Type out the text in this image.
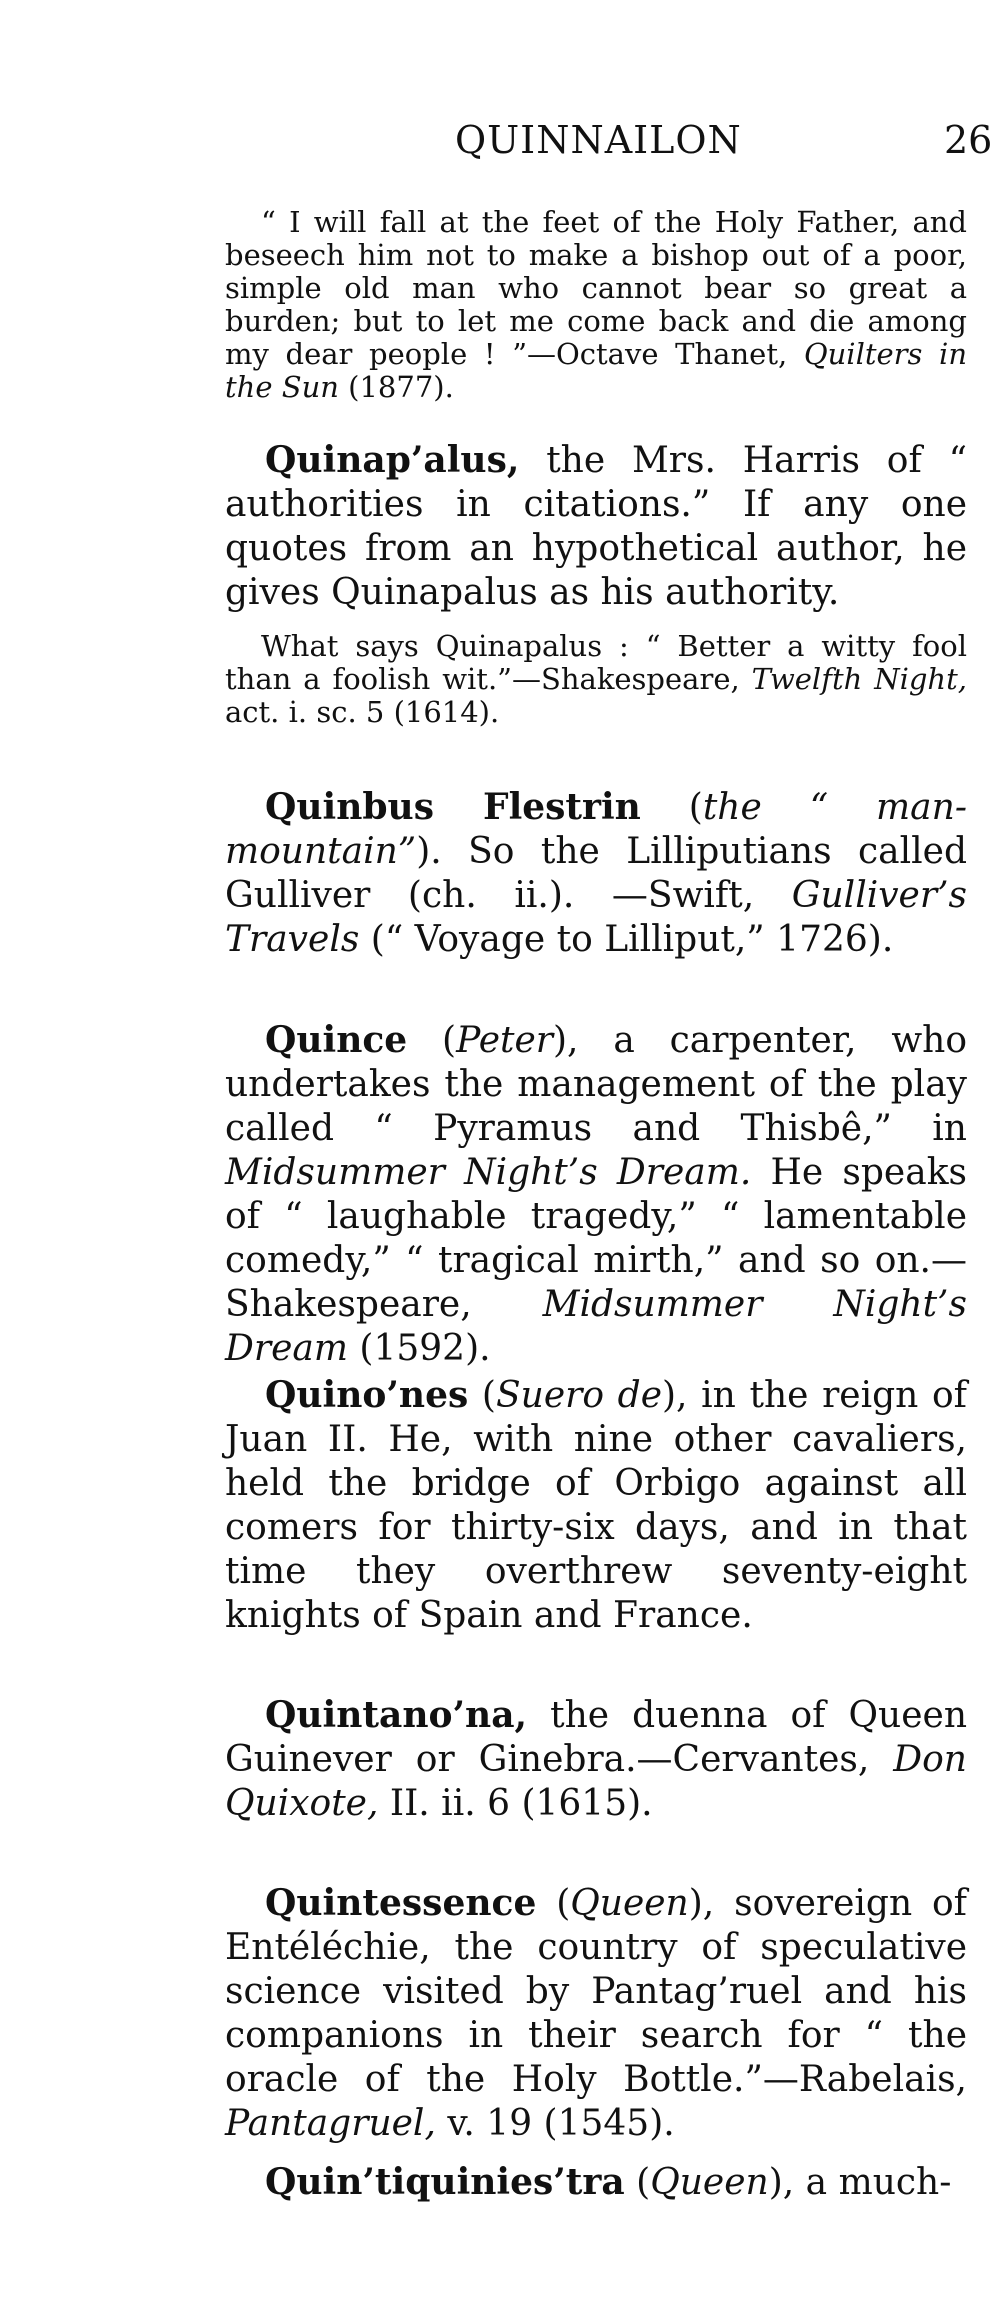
QUINNAILON	26

“ I will fall at the feet of the Holy Father, and beseech him not to make a bishop out of a poor, simple old man who cannot bear so great a burden; but to let me come back and die among my dear people ! ”—Octave Thanet, Quilters in the Sun (1877).

Quinap’alus, the Mrs. Harris of “ authorities in citations.” If any one quotes from an hypothetical author, he gives Quinapalus as his authority.

What says Quinapalus : “ Better a witty fool than a foolish wit.”—Shakespeare, Twelfth Night, act. i. sc. 5 (1614).

Quinbus Flestrin (the “ man-mountain”). So the Lilliputians called Gulliver (ch. ii.). —Swift, Gulliver’s Travels (“ Voyage to Lilliput,” 1726).

Quince (Peter), a carpenter, who undertakes the management of the play called “ Pyramus and Thisbê,” in Midsummer Night’s Dream. He speaks of “ laughable tragedy,” “ lamentable comedy,” “ tragical mirth,” and so on.—Shakespeare, Midsummer Night’s Dream (1592).

Quino’nes (Suero de), in the reign of Juan II. He, with nine other cavaliers, held the bridge of Orbigo against all comers for thirty-six days, and in that time they overthrew seventy-eight knights of Spain and France.

Quintano’na, the duenna of Queen Guinever or Ginebra.—Cervantes, Don Quixote, II. ii. 6 (1615).

Quintessence (Queen), sovereign of Entéléchie, the country of speculative science visited by Pantag’ruel and his companions in their search for “ the oracle of the Holy Bottle.”—Rabelais, Pantagruel, v. 19 (1545).

Quin’tiquinies’tra (Queen), a much-
